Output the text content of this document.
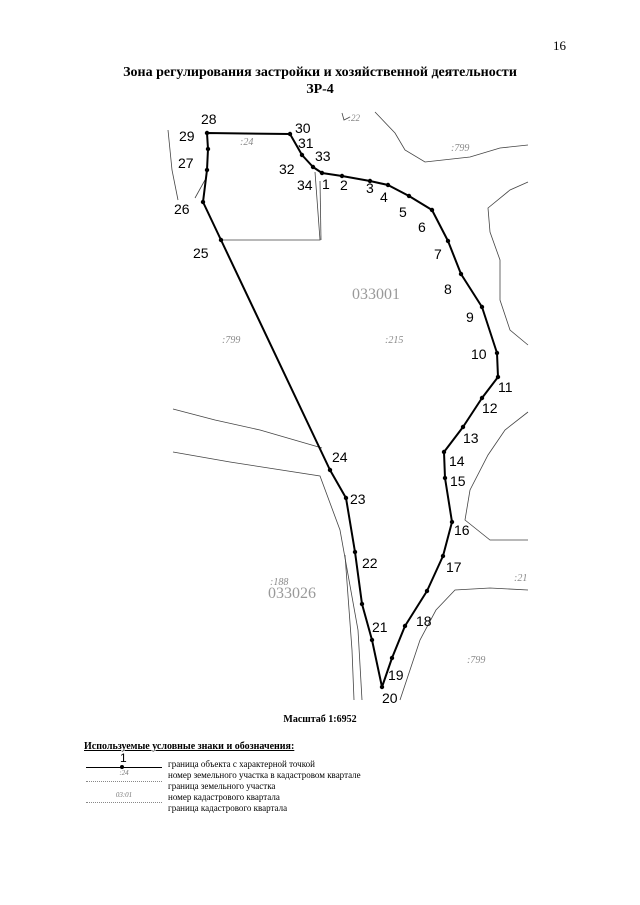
16
Зона регулирования застройки и хозяйственной деятельности
ЗР-4
:24
:799
:799	:215
:188	:21
:799
:22
033001
033026
1 2 3
4
5
6
7
8
9
10
11
12
13
14
15
16
17
18
19
20
21
22
23
24
25
26
27
28
29	30
31
32
33
34
Масштаб 1:6952
Используемые условные знаки и обозначения:
1	граница объекта с характерной точкой
:24	номер земельного участка в кадастровом квартале
граница земельного участка
03:01	номер кадастрового квартала
граница кадастрового квартала
